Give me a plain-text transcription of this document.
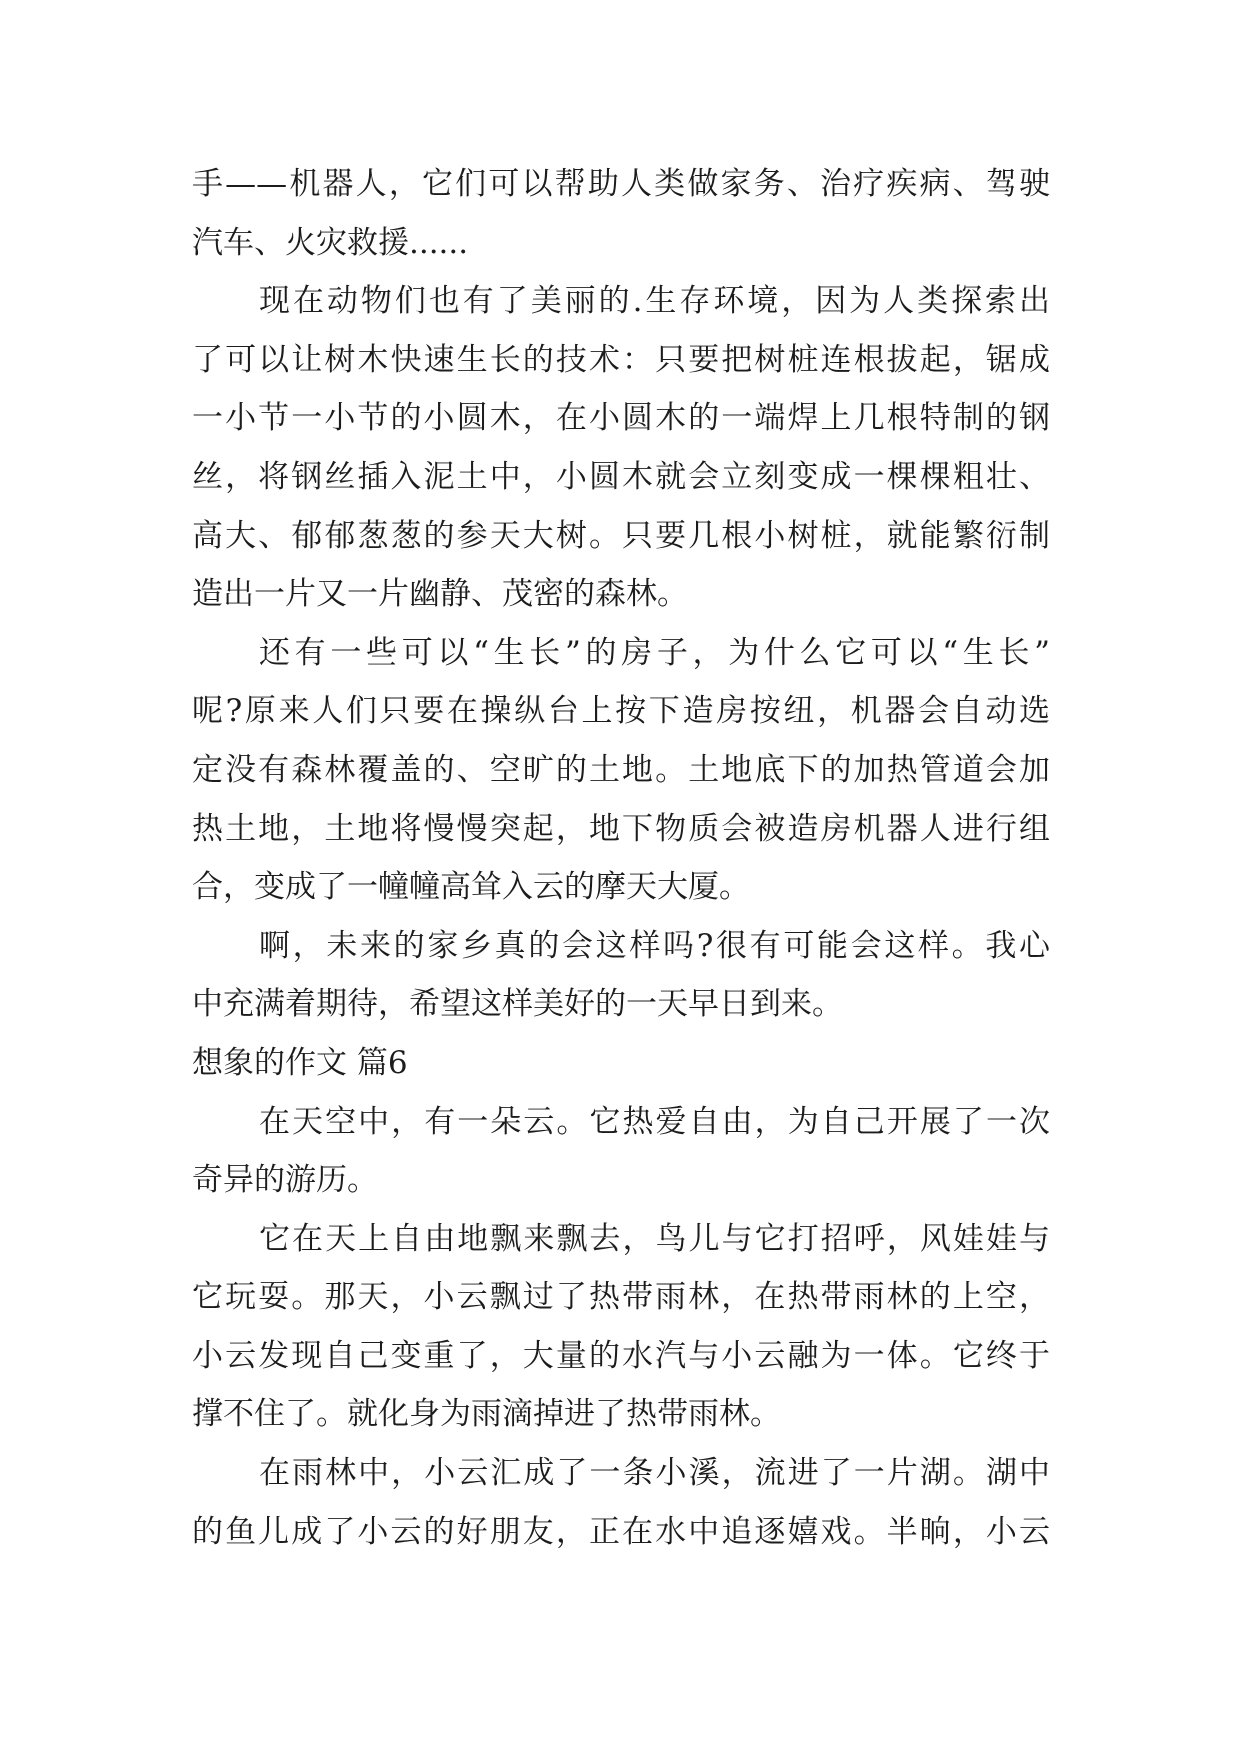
手——机器人，它们可以帮助人类做家务、治疗疾病、驾驶
汽车、火灾救援......
现在动物们也有了美丽的.生存环境，因为人类探索出
了可以让树木快速生长的技术：只要把树桩连根拔起，锯成
一小节一小节的小圆木，在小圆木的一端焊上几根特制的钢
丝，将钢丝插入泥土中，小圆木就会立刻变成一棵棵粗壮、
高大、郁郁葱葱的参天大树。只要几根小树桩，就能繁衍制
造出一片又一片幽静、茂密的森林。
还有一些可以“生长”的房子，为什么它可以“生长”
呢?原来人们只要在操纵台上按下造房按纽，机器会自动选
定没有森林覆盖的、空旷的土地。土地底下的加热管道会加
热土地，土地将慢慢突起，地下物质会被造房机器人进行组
合，变成了一幢幢高耸入云的摩天大厦。
啊，未来的家乡真的会这样吗?很有可能会这样。我心
中充满着期待，希望这样美好的一天早日到来。
想象的作文 篇6
在天空中，有一朵云。它热爱自由，为自己开展了一次
奇异的游历。
它在天上自由地飘来飘去，鸟儿与它打招呼，风娃娃与
它玩耍。那天，小云飘过了热带雨林，在热带雨林的上空，
小云发现自己变重了，大量的水汽与小云融为一体。它终于
撑不住了。就化身为雨滴掉进了热带雨林。
在雨林中，小云汇成了一条小溪，流进了一片湖。湖中
的鱼儿成了小云的好朋友，正在水中追逐嬉戏。半晌，小云
